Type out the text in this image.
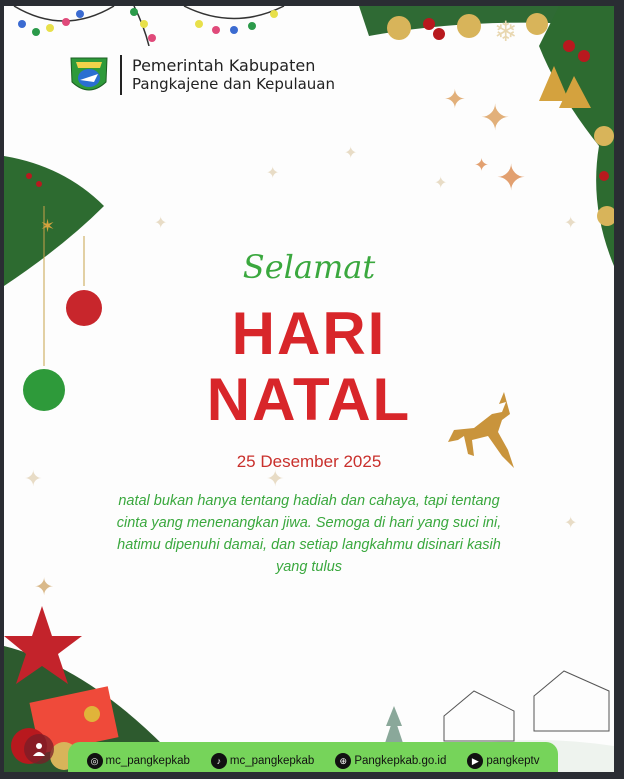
✦
✦
✦
✦	✦
✦	✦
✦
✦
✦ ✦
✦
✦
❄
✶
Pemerintah Kabupaten
Pangkajene dan Kepulauan
Selamat
HARI
NATAL
25 Desember 2025
natal bukan hanya tentang hadiah dan cahaya, tapi tentang cinta yang menenangkan jiwa. Semoga di hari yang suci ini, hatimu dipenuhi damai, dan setiap langkahmu disinari kasih yang tulus
◎ mc_pangkepkab	♪ mc_pangkepkab	⊕ Pangkepkab.go.id	▶ pangkeptv
